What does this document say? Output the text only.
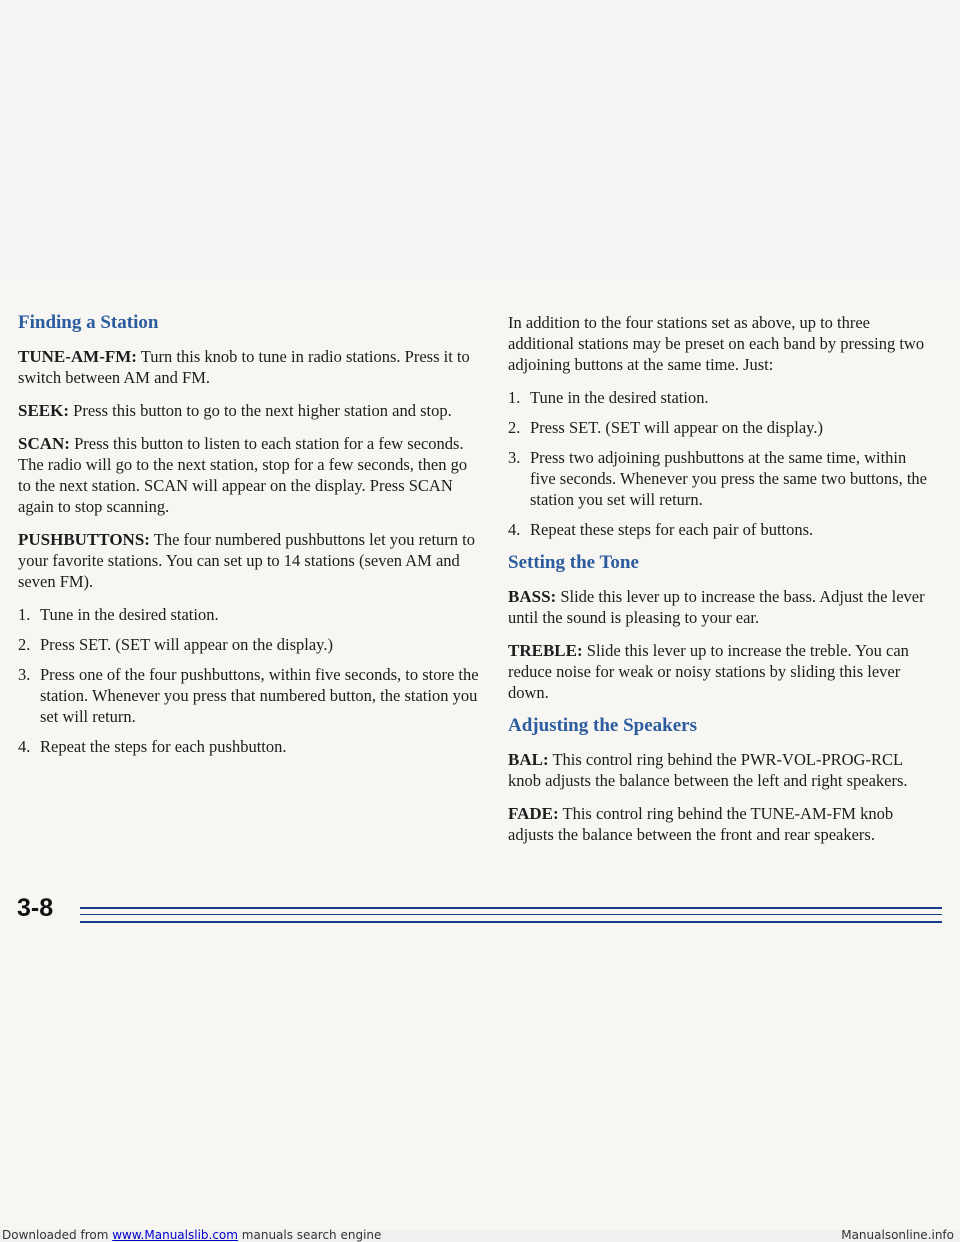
Finding a Station

TUNE-AM-FM: Turn this knob to tune in radio stations. Press it to switch between AM and FM.

SEEK: Press this button to go to the next higher station and stop.

SCAN: Press this button to listen to each station for a few seconds. The radio will go to the next station, stop for a few seconds, then go to the next station. SCAN will appear on the display. Press SCAN again to stop scanning.

PUSHBUTTONS: The four numbered pushbuttons let you return to your favorite stations. You can set up to 14 stations (seven AM and seven FM).

1. Tune in the desired station.
2. Press SET. (SET will appear on the display.)
3. Press one of the four pushbuttons, within five seconds, to store the station. Whenever you press that numbered button, the station you set will return.
4. Repeat the steps for each pushbutton.

In addition to the four stations set as above, up to three additional stations may be preset on each band by pressing two adjoining buttons at the same time. Just:

1. Tune in the desired station.
2. Press SET. (SET will appear on the display.)
3. Press two adjoining pushbuttons at the same time, within five seconds. Whenever you press the same two buttons, the station you set will return.
4. Repeat these steps for each pair of buttons.
Setting the Tone

BASS: Slide this lever up to increase the bass. Adjust the lever until the sound is pleasing to your ear.

TREBLE: Slide this lever up to increase the treble. You can reduce noise for weak or noisy stations by sliding this lever down.

Adjusting the Speakers

BAL: This control ring behind the PWR-VOL-PROG-RCL knob adjusts the balance between the left and right speakers.

FADE: This control ring behind the TUNE-AM-FM knob adjusts the balance between the front and rear speakers.

3-8
Downloaded from www.Manualslib.com manuals search engine	Manualsonline.info
